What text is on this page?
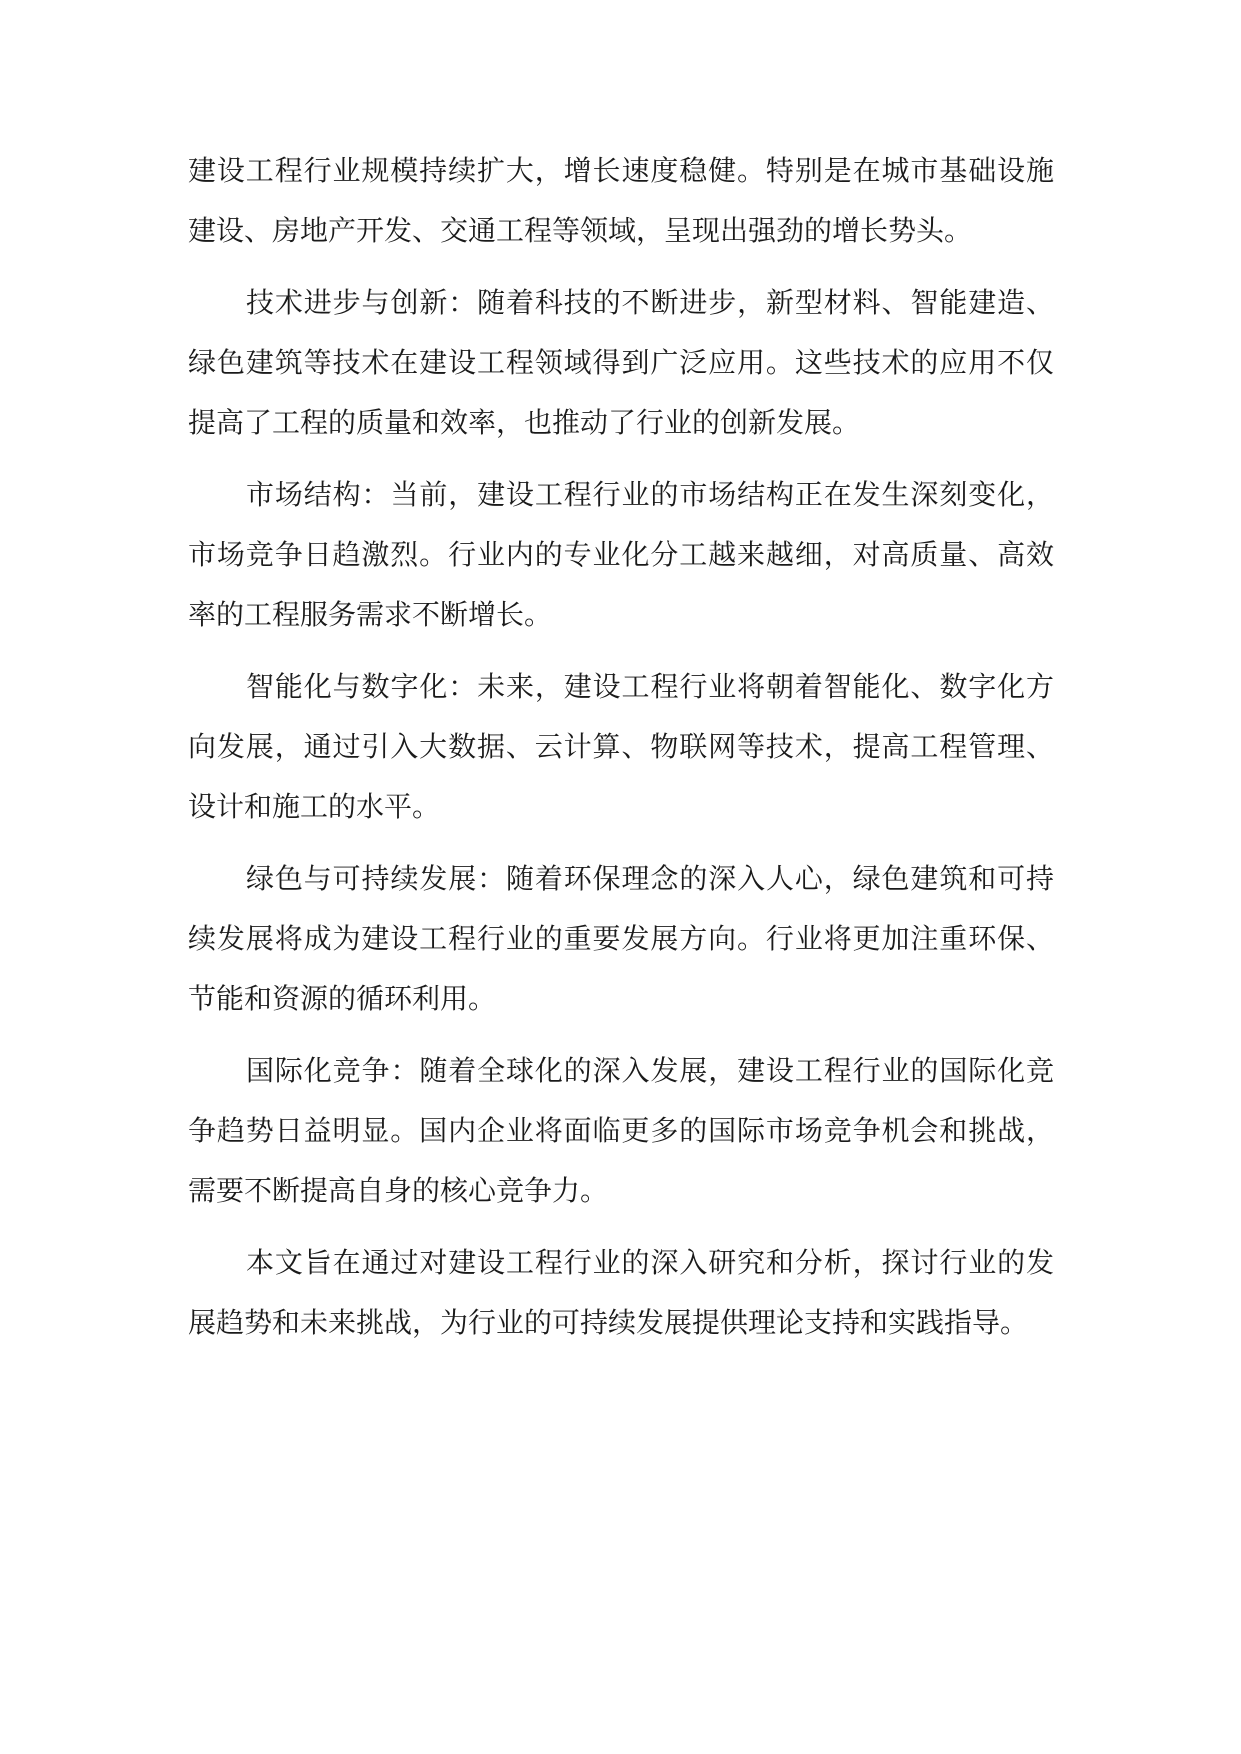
建设工程行业规模持续扩大，增长速度稳健。特别是在城市基础设施建设、房地产开发、交通工程等领域，呈现出强劲的增长势头。

技术进步与创新：随着科技的不断进步，新型材料、智能建造、绿色建筑等技术在建设工程领域得到广泛应用。这些技术的应用不仅提高了工程的质量和效率，也推动了行业的创新发展。

市场结构：当前，建设工程行业的市场结构正在发生深刻变化，市场竞争日趋激烈。行业内的专业化分工越来越细，对高质量、高效率的工程服务需求不断增长。

智能化与数字化：未来，建设工程行业将朝着智能化、数字化方向发展，通过引入大数据、云计算、物联网等技术，提高工程管理、设计和施工的水平。

绿色与可持续发展：随着环保理念的深入人心，绿色建筑和可持续发展将成为建设工程行业的重要发展方向。行业将更加注重环保、节能和资源的循环利用。

国际化竞争：随着全球化的深入发展，建设工程行业的国际化竞争趋势日益明显。国内企业将面临更多的国际市场竞争机会和挑战，需要不断提高自身的核心竞争力。

本文旨在通过对建设工程行业的深入研究和分析，探讨行业的发展趋势和未来挑战，为行业的可持续发展提供理论支持和实践指导。
